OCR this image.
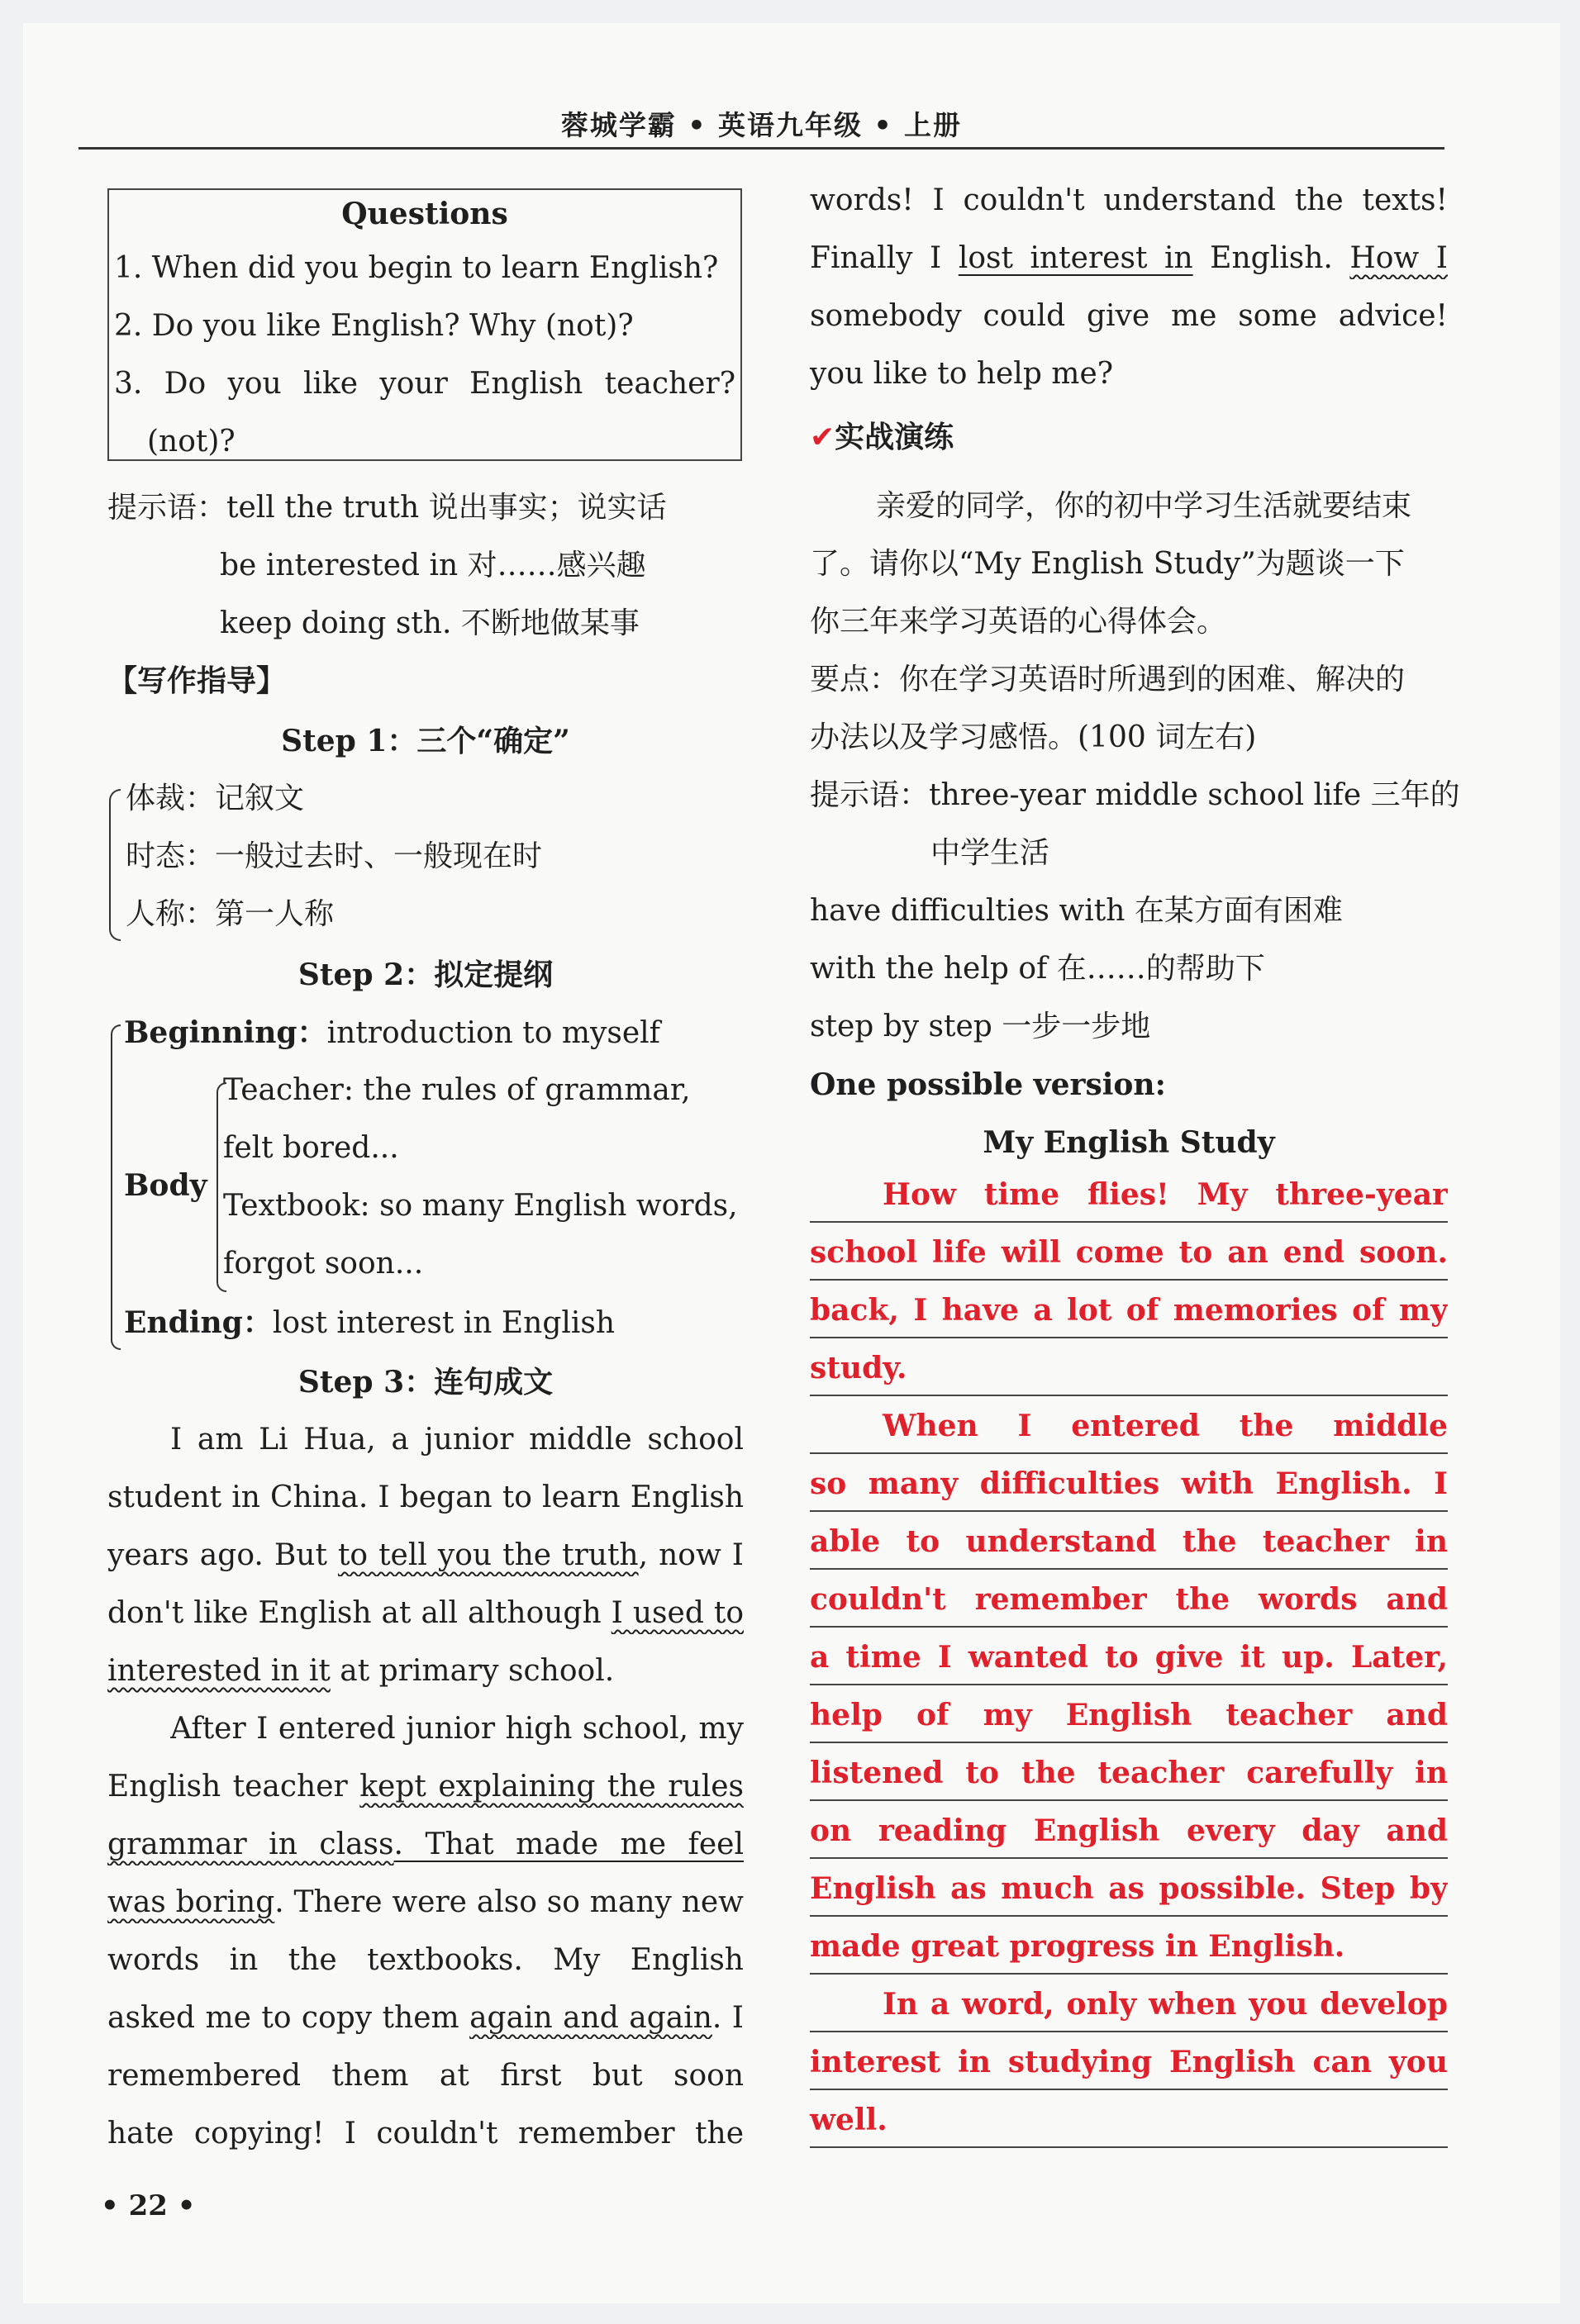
蓉城学霸 • 英语九年级 • 上册
Questions
1. When did you begin to learn English?
2. Do you like English? Why (not)?
3. Do you like your English teacher?
(not)?
提示语：tell the truth 说出事实；说实话
be interested in 对……感兴趣
keep doing sth. 不断地做某事
【写作指导】
Step 1：三个“确定”
体裁：记叙文
时态：一般过去时、一般现在时
人称：第一人称
Step 2：拟定提纲
Beginning：introduction to myself
Body
Teacher: the rules of grammar,
felt bored...
Textbook: so many English words,
forgot soon...
Ending：lost interest in English
Step 3：连句成文
I am Li Hua, a junior middle school
student in China. I began to learn English
years ago. But to tell you the truth, now I
don't like English at all although I used to
interested in it at primary school.
After I entered junior high school, my
English teacher kept explaining the rules
grammar in class. That made me feel
was boring. There were also so many new
words in the textbooks. My English
asked me to copy them again and again. I
remembered them at first but soon
hate copying! I couldn't remember the
words! I couldn't understand the texts!
Finally I lost interest in English. How I
somebody could give me some advice!
you like to help me?
✔实战演练
亲爱的同学，你的初中学习生活就要结束
了。请你以“My English Study”为题谈一下
你三年来学习英语的心得体会。
要点：你在学习英语时所遇到的困难、解决的
办法以及学习感悟。(100 词左右)
提示语：three-year middle school life 三年的
中学生活
have difficulties with 在某方面有困难
with the help of 在……的帮助下
step by step 一步一步地
One possible version:
My English Study
How time flies! My three-year
school life will come to an end soon.
back, I have a lot of memories of my
study.
When I entered the middle
so many difficulties with English. I
able to understand the teacher in
couldn't remember the words and
a time I wanted to give it up. Later,
help of my English teacher and
listened to the teacher carefully in
on reading English every day and
English as much as possible. Step by
made great progress in English.
In a word, only when you develop
interest in studying English can you
well.
• 22 •
